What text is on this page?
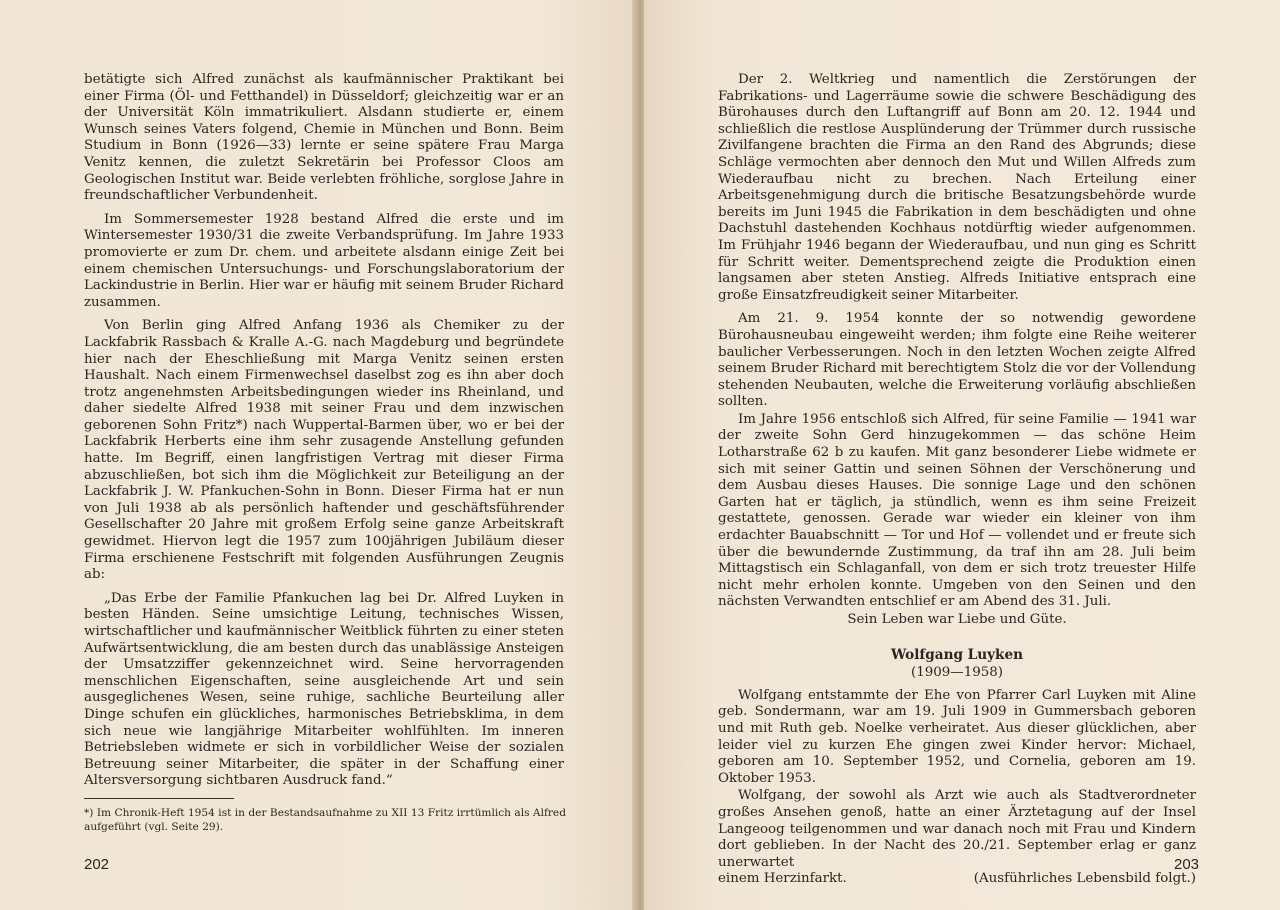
betätigte sich Alfred zunächst als kaufmännischer Praktikant bei einer Firma (Öl- und Fetthandel) in Düsseldorf; gleichzeitig war er an der Universität Köln immatrikuliert. Alsdann studierte er, einem Wunsch seines Vaters folgend, Chemie in München und Bonn. Beim Studium in Bonn (1926—33) lernte er seine spätere Frau Marga Venitz kennen, die zuletzt Sekretärin bei Professor Cloos am Geologischen Institut war. Beide verlebten fröhliche, sorglose Jahre in freundschaftlicher Verbundenheit.

Im Sommersemester 1928 bestand Alfred die erste und im Wintersemester 1930/31 die zweite Verbandsprüfung. Im Jahre 1933 promovierte er zum Dr. chem. und arbeitete alsdann einige Zeit bei einem chemischen Untersuchungs- und Forschungslaboratorium der Lackindustrie in Berlin. Hier war er häufig mit seinem Bruder Richard zusammen.

Von Berlin ging Alfred Anfang 1936 als Chemiker zu der Lackfabrik Rassbach & Kralle A.-G. nach Magdeburg und begründete hier nach der Eheschließung mit Marga Venitz seinen ersten Haushalt. Nach einem Firmenwechsel daselbst zog es ihn aber doch trotz angenehmsten Arbeitsbedingungen wieder ins Rheinland, und daher siedelte Alfred 1938 mit seiner Frau und dem inzwischen geborenen Sohn Fritz*) nach Wuppertal-Barmen über, wo er bei der Lackfabrik Herberts eine ihm sehr zusagende Anstellung gefunden hatte. Im Begriff, einen langfristigen Vertrag mit dieser Firma abzuschließen, bot sich ihm die Möglichkeit zur Beteiligung an der Lackfabrik J. W. Pfankuchen-Sohn in Bonn. Dieser Firma hat er nun von Juli 1938 ab als persönlich haftender und geschäftsführender Gesellschafter 20 Jahre mit großem Erfolg seine ganze Arbeitskraft gewidmet. Hiervon legt die 1957 zum 100jährigen Jubiläum dieser Firma erschienene Festschrift mit folgenden Ausführungen Zeugnis ab:

„Das Erbe der Familie Pfankuchen lag bei Dr. Alfred Luyken in besten Händen. Seine umsichtige Leitung, technisches Wissen, wirtschaftlicher und kaufmännischer Weitblick führten zu einer steten Aufwärtsentwicklung, die am besten durch das unablässige Ansteigen der Umsatzziffer gekennzeichnet wird. Seine hervorragenden menschlichen Eigenschaften, seine ausgleichende Art und sein ausgeglichenes Wesen, seine ruhige, sachliche Beurteilung aller Dinge schufen ein glückliches, harmonisches Betriebsklima, in dem sich neue wie langjährige Mitarbeiter wohlfühlten. Im inneren Betriebsleben widmete er sich in vorbildlicher Weise der sozialen Betreuung seiner Mitarbeiter, die später in der Schaffung einer Altersversorgung sichtbaren Ausdruck fand.“

*) Im Chronik-Heft 1954 ist in der Bestandsaufnahme zu XII 13 Fritz irrtümlich als Alfred aufgeführt (vgl. Seite 29).
202

Der 2. Weltkrieg und namentlich die Zerstörungen der Fabrikations- und Lagerräume sowie die schwere Beschädigung des Bürohauses durch den Luftangriff auf Bonn am 20. 12. 1944 und schließlich die restlose Ausplünderung der Trümmer durch russische Zivilfangene brachten die Firma an den Rand des Abgrunds; diese Schläge vermochten aber dennoch den Mut und Willen Alfreds zum Wiederaufbau nicht zu brechen. Nach Erteilung einer Arbeitsgenehmigung durch die britische Besatzungsbehörde wurde bereits im Juni 1945 die Fabrikation in dem beschädigten und ohne Dachstuhl dastehenden Kochhaus notdürftig wieder aufgenommen. Im Frühjahr 1946 begann der Wiederaufbau, und nun ging es Schritt für Schritt weiter. Dementsprechend zeigte die Produktion einen langsamen aber steten Anstieg. Alfreds Initiative entsprach eine große Einsatzfreudigkeit seiner Mitarbeiter.

Am 21. 9. 1954 konnte der so notwendig gewordene Bürohausneubau eingeweiht werden; ihm folgte eine Reihe weiterer baulicher Verbesserungen. Noch in den letzten Wochen zeigte Alfred seinem Bruder Richard mit berechtigtem Stolz die vor der Vollendung stehenden Neubauten, welche die Erweiterung vorläufig abschließen sollten.

Im Jahre 1956 entschloß sich Alfred, für seine Familie — 1941 war der zweite Sohn Gerd hinzugekommen — das schöne Heim Lotharstraße 62 b zu kaufen. Mit ganz besonderer Liebe widmete er sich mit seiner Gattin und seinen Söhnen der Verschönerung und dem Ausbau dieses Hauses. Die sonnige Lage und den schönen Garten hat er täglich, ja stündlich, wenn es ihm seine Freizeit gestattete, genossen. Gerade war wieder ein kleiner von ihm erdachter Bauabschnitt — Tor und Hof — vollendet und er freute sich über die bewundernde Zustimmung, da traf ihn am 28. Juli beim Mittagstisch ein Schlaganfall, von dem er sich trotz treuester Hilfe nicht mehr erholen konnte. Umgeben von den Seinen und den nächsten Verwandten entschlief er am Abend des 31. Juli.

Sein Leben war Liebe und Güte.

Wolfgang Luyken
(1909—1958)

Wolfgang entstammte der Ehe von Pfarrer Carl Luyken mit Aline geb. Sondermann, war am 19. Juli 1909 in Gummersbach geboren und mit Ruth geb. Noelke verheiratet. Aus dieser glücklichen, aber leider viel zu kurzen Ehe gingen zwei Kinder hervor: Michael, geboren am 10. September 1952, und Cornelia, geboren am 19. Oktober 1953.

Wolfgang, der sowohl als Arzt wie auch als Stadtverordneter großes Ansehen genoß, hatte an einer Ärztetagung auf der Insel Langeoog teilgenommen und war danach noch mit Frau und Kindern dort geblieben. In der Nacht des 20./21. September erlag er ganz unerwartet

einem Herzinfarkt.	(Ausführliches Lebensbild folgt.)
203
